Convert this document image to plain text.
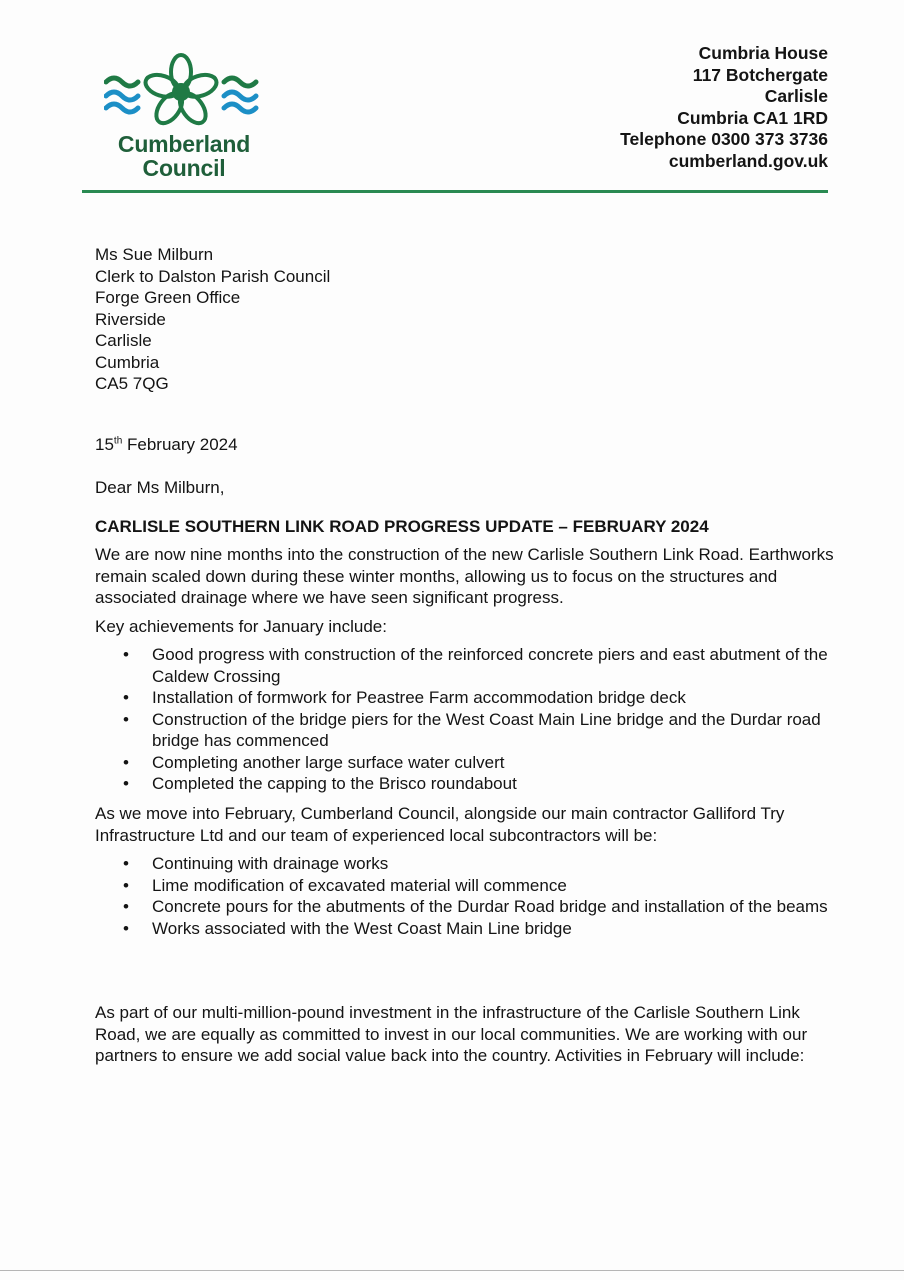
Cumberland
Council
Cumbria House
117 Botchergate
Carlisle
Cumbria CA1 1RD
Telephone 0300 373 3736
cumberland.gov.uk
Ms Sue Milburn
Clerk to Dalston Parish Council
Forge Green Office
Riverside
Carlisle
Cumbria
CA5 7QG
15th February 2024
Dear Ms Milburn,
CARLISLE SOUTHERN LINK ROAD PROGRESS UPDATE – FEBRUARY 2024
We are now nine months into the construction of the new Carlisle Southern Link Road. Earthworks remain scaled down during these winter months, allowing us to focus on the structures and associated drainage where we have seen significant progress.
Key achievements for January include:
• Good progress with construction of the reinforced concrete piers and east abutment of the Caldew Crossing
• Installation of formwork for Peastree Farm accommodation bridge deck
• Construction of the bridge piers for the West Coast Main Line bridge and the Durdar road bridge has commenced
• Completing another large surface water culvert
• Completed the capping to the Brisco roundabout
As we move into February, Cumberland Council, alongside our main contractor Galliford Try Infrastructure Ltd and our team of experienced local subcontractors will be:
• Continuing with drainage works
• Lime modification of excavated material will commence
• Concrete pours for the abutments of the Durdar Road bridge and installation of the beams
• Works associated with the West Coast Main Line bridge
As part of our multi-million-pound investment in the infrastructure of the Carlisle Southern Link Road, we are equally as committed to invest in our local communities. We are working with our partners to ensure we add social value back into the country. Activities in February will include:
